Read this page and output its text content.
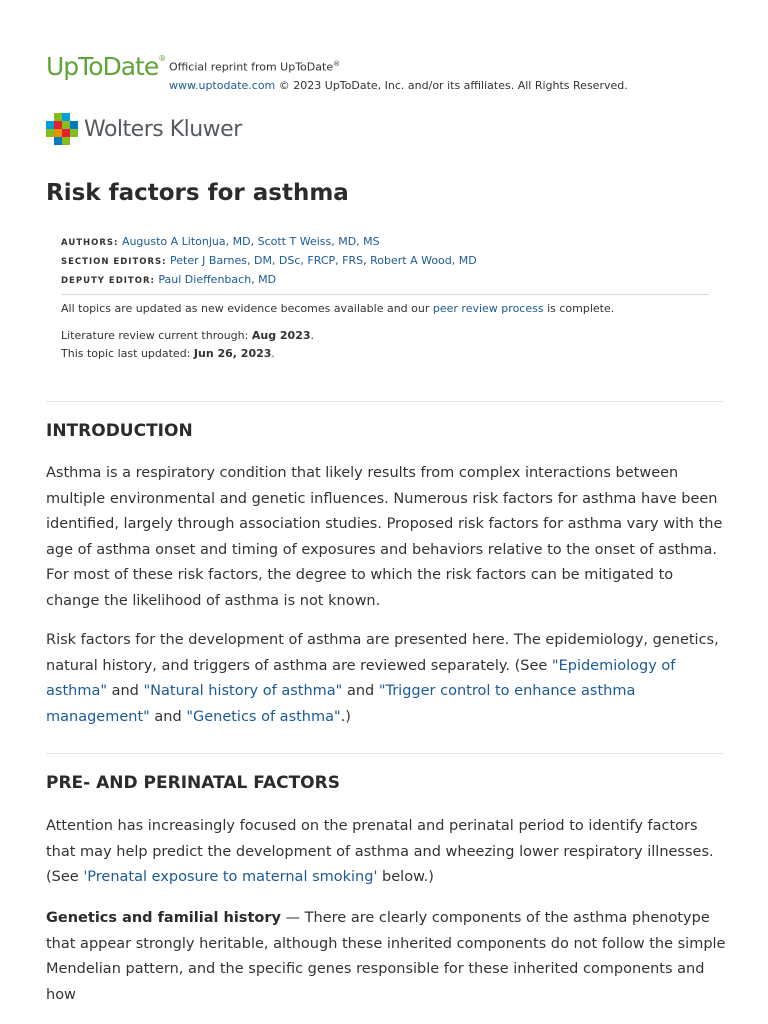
UpToDate®
Official reprint from UpToDate®
www.uptodate.com © 2023 UpToDate, Inc. and/or its affiliates. All Rights Reserved.
Wolters Kluwer
Risk factors for asthma
AUTHORS: Augusto A Litonjua, MD, Scott T Weiss, MD, MS
SECTION EDITORS: Peter J Barnes, DM, DSc, FRCP, FRS, Robert A Wood, MD
DEPUTY EDITOR: Paul Dieffenbach, MD
All topics are updated as new evidence becomes available and our peer review process is complete.
Literature review current through: Aug 2023.
This topic last updated: Jun 26, 2023.
INTRODUCTION

Asthma is a respiratory condition that likely results from complex interactions between multiple environmental and genetic influences. Numerous risk factors for asthma have been identified, largely through association studies. Proposed risk factors for asthma vary with the age of asthma onset and timing of exposures and behaviors relative to the onset of asthma. For most of these risk factors, the degree to which the risk factors can be mitigated to change the likelihood of asthma is not known.

Risk factors for the development of asthma are presented here. The epidemiology, genetics, natural history, and triggers of asthma are reviewed separately. (See "Epidemiology of asthma" and "Natural history of asthma" and "Trigger control to enhance asthma management" and "Genetics of asthma".)

PRE- AND PERINATAL FACTORS

Attention has increasingly focused on the prenatal and perinatal period to identify factors that may help predict the development of asthma and wheezing lower respiratory illnesses. (See 'Prenatal exposure to maternal smoking' below.)

Genetics and familial history — There are clearly components of the asthma phenotype that appear strongly heritable, although these inherited components do not follow the simple Mendelian pattern, and the specific genes responsible for these inherited components and how
